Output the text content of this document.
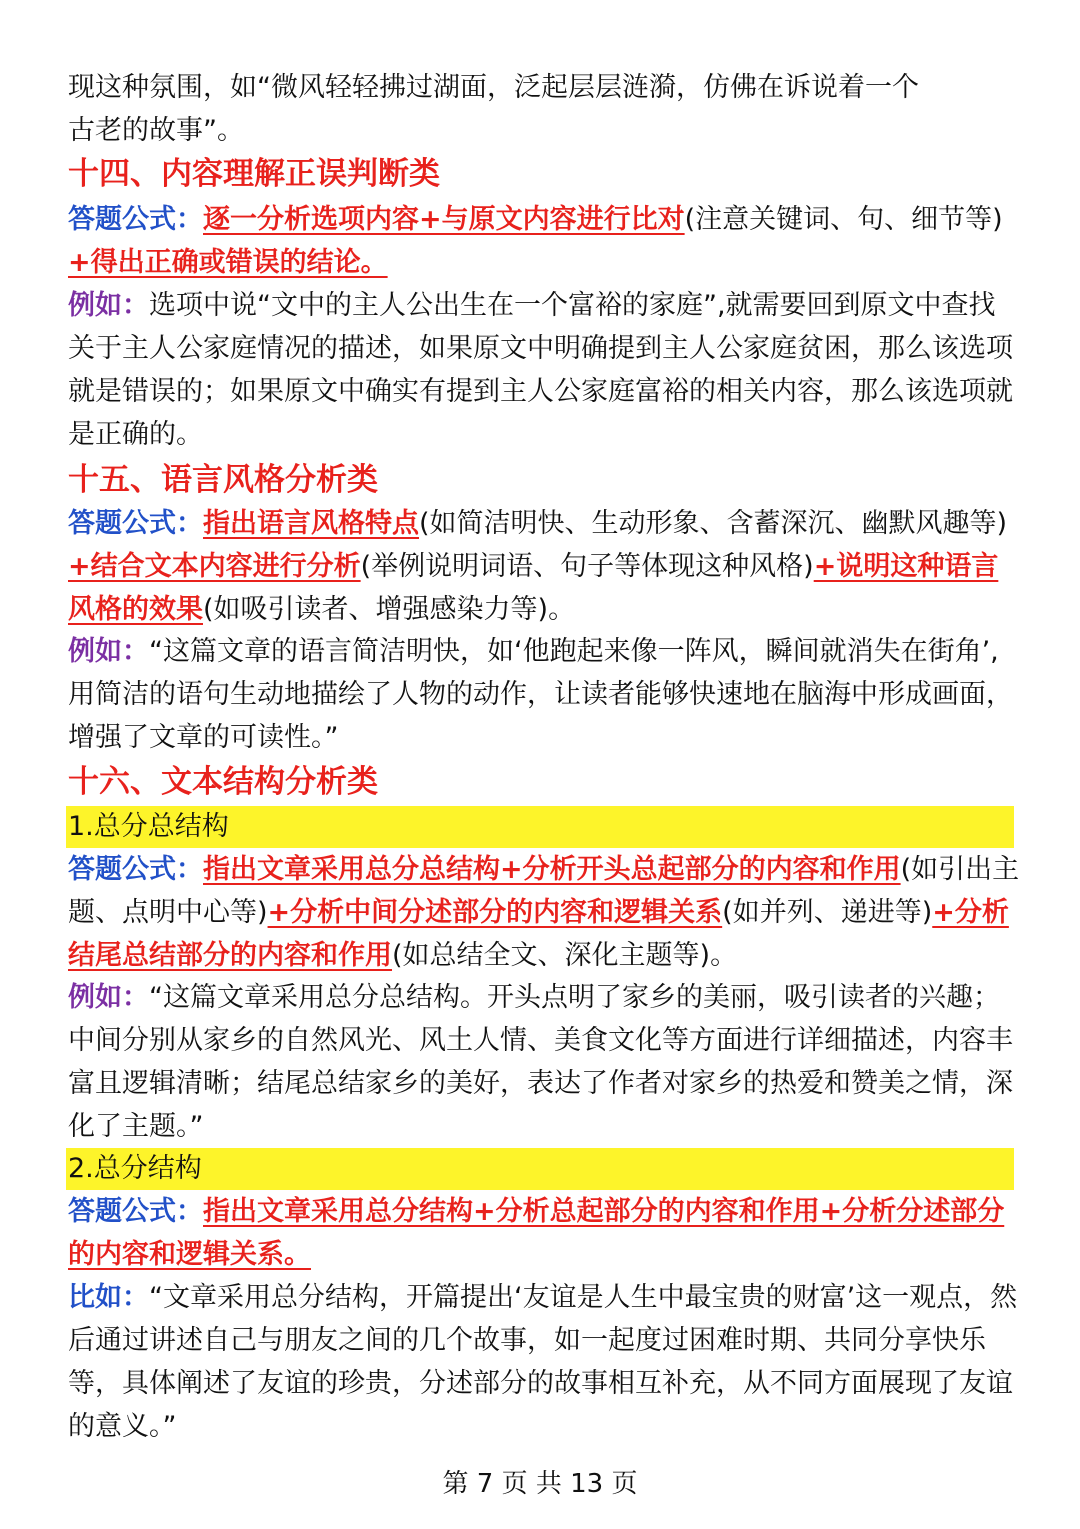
现这种氛围，如“微风轻轻拂过湖面，泛起层层涟漪，仿佛在诉说着一个
古老的故事”。

十四、内容理解正误判断类

答题公式：逐一分析选项内容+与原文内容进行比对(注意关键词、句、细节等)+得出正确或错误的结论。

例如：选项中说“文中的主人公出生在一个富裕的家庭”,就需要回到原文中查找关于主人公家庭情况的描述，如果原文中明确提到主人公家庭贫困，那么该选项就是错误的；如果原文中确实有提到主人公家庭富裕的相关内容，那么该选项就是正确的。

十五、语言风格分析类

答题公式：指出语言风格特点(如简洁明快、生动形象、含蓄深沉、幽默风趣等)+结合文本内容进行分析(举例说明词语、句子等体现这种风格)+说明这种语言风格的效果(如吸引读者、增强感染力等)。

例如：“这篇文章的语言简洁明快，如‘他跑起来像一阵风，瞬间就消失在街角’,用简洁的语句生动地描绘了人物的动作，让读者能够快速地在脑海中形成画面，增强了文章的可读性。”

十六、文本结构分析类
1.总分总结构

答题公式：指出文章采用总分总结构+分析开头总起部分的内容和作用(如引出主题、点明中心等)+分析中间分述部分的内容和逻辑关系(如并列、递进等)+分析结尾总结部分的内容和作用(如总结全文、深化主题等)。

例如：“这篇文章采用总分总结构。开头点明了家乡的美丽，吸引读者的兴趣；中间分别从家乡的自然风光、风土人情、美食文化等方面进行详细描述，内容丰富且逻辑清晰；结尾总结家乡的美好，表达了作者对家乡的热爱和赞美之情，深化了主题。”

2.总分结构

答题公式：指出文章采用总分结构+分析总起部分的内容和作用+分析分述部分的内容和逻辑关系。

比如：“文章采用总分结构，开篇提出‘友谊是人生中最宝贵的财富’这一观点，然后通过讲述自己与朋友之间的几个故事，如一起度过困难时期、共同分享快乐等，具体阐述了友谊的珍贵，分述部分的故事相互补充，从不同方面展现了友谊的意义。”

第 7 页 共 13 页
